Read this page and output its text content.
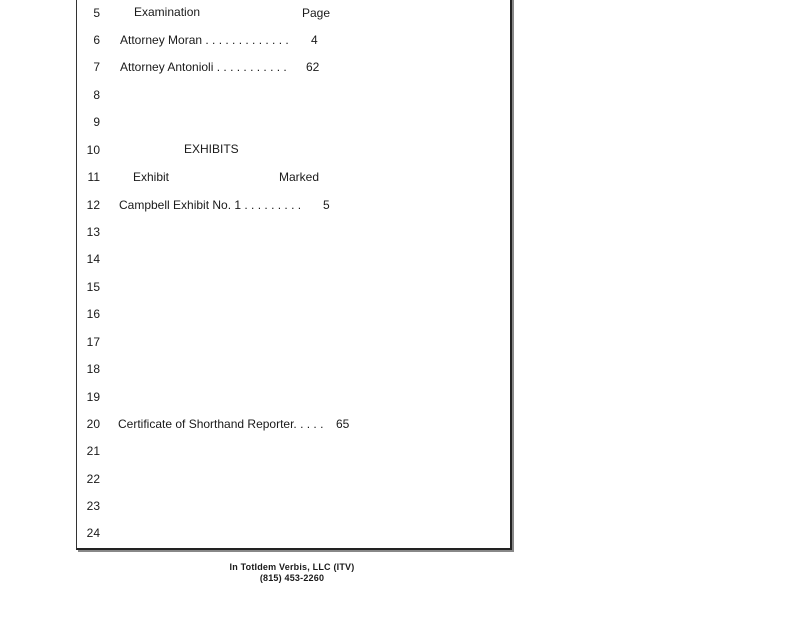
5
6
7
8
9
10
11
12
13
14
15
16
17
18
19
20
21
22
23
24
Examination	Page
Attorney Moran . . . . . . . . . . . . . 4
Attorney Antonioli . . . . . . . . . . . 62
EXHIBITS
Exhibit	Marked
Campbell Exhibit No. 1 . . . . . . . . . 5
Certificate of Shorthand Reporter. . . . . 65
In TotIdem Verbis, LLC (ITV)
(815) 453-2260
